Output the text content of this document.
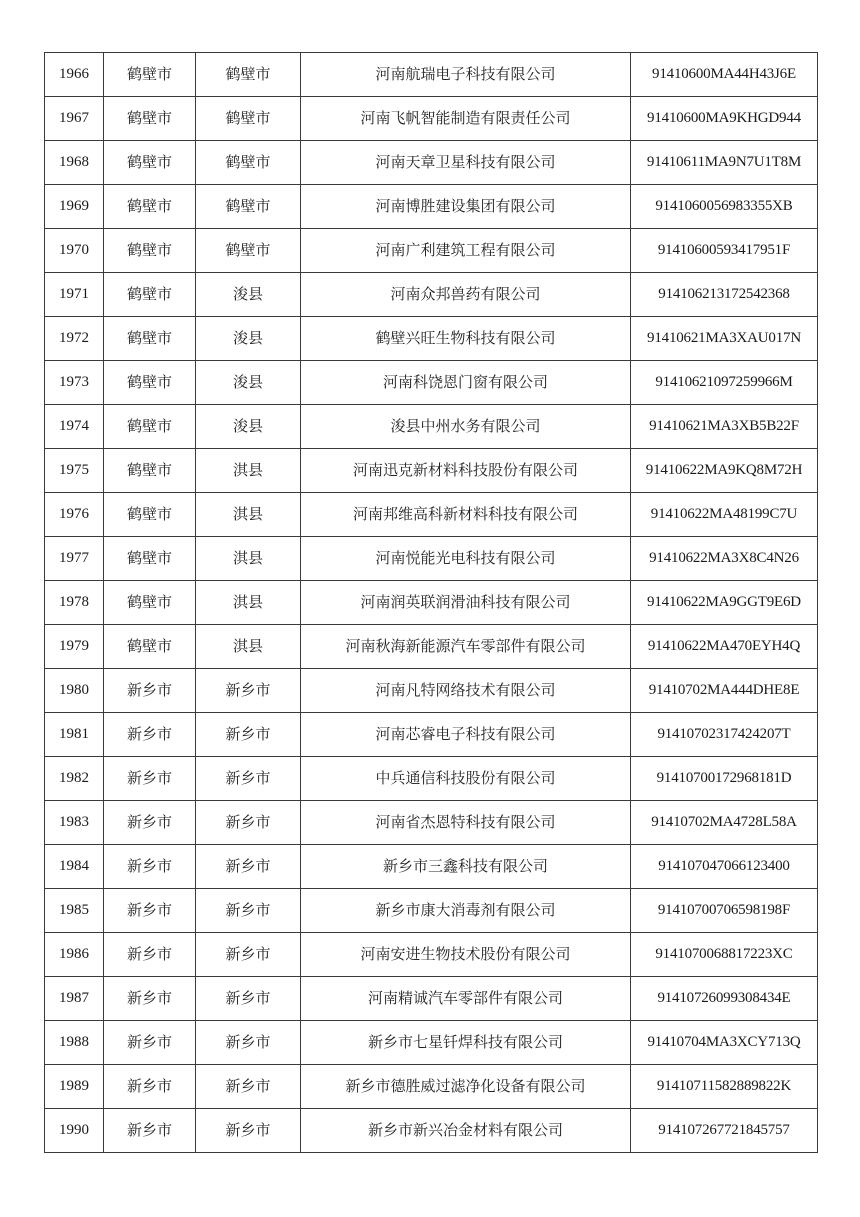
1966	鹤壁市	鹤壁市	河南航瑞电子科技有限公司	91410600MA44H43J6E
1967	鹤壁市	鹤壁市	河南飞帆智能制造有限责任公司	91410600MA9KHGD944
1968	鹤壁市	鹤壁市	河南天章卫星科技有限公司	91410611MA9N7U1T8M
1969	鹤壁市	鹤壁市	河南博胜建设集团有限公司	9141060056983355XB
1970	鹤壁市	鹤壁市	河南广利建筑工程有限公司	91410600593417951F
1971	鹤壁市	浚县	河南众邦兽药有限公司	914106213172542368
1972	鹤壁市	浚县	鹤壁兴旺生物科技有限公司	91410621MA3XAU017N
1973	鹤壁市	浚县	河南科饶恩门窗有限公司	91410621097259966M
1974	鹤壁市	浚县	浚县中州水务有限公司	91410621MA3XB5B22F
1975	鹤壁市	淇县	河南迅克新材料科技股份有限公司	91410622MA9KQ8M72H
1976	鹤壁市	淇县	河南邦维高科新材料科技有限公司	91410622MA48199C7U
1977	鹤壁市	淇县	河南悦能光电科技有限公司	91410622MA3X8C4N26
1978	鹤壁市	淇县	河南润英联润滑油科技有限公司	91410622MA9GGT9E6D
1979	鹤壁市	淇县	河南秋海新能源汽车零部件有限公司	91410622MA470EYH4Q
1980	新乡市	新乡市	河南凡特网络技术有限公司	91410702MA444DHE8E
1981	新乡市	新乡市	河南芯睿电子科技有限公司	91410702317424207T
1982	新乡市	新乡市	中兵通信科技股份有限公司	91410700172968181D
1983	新乡市	新乡市	河南省杰恩特科技有限公司	91410702MA4728L58A
1984	新乡市	新乡市	新乡市三鑫科技有限公司	914107047066123400
1985	新乡市	新乡市	新乡市康大消毒剂有限公司	91410700706598198F
1986	新乡市	新乡市	河南安进生物技术股份有限公司	9141070068817223XC
1987	新乡市	新乡市	河南精诚汽车零部件有限公司	91410726099308434E
1988	新乡市	新乡市	新乡市七星钎焊科技有限公司	91410704MA3XCY713Q
1989	新乡市	新乡市	新乡市德胜威过滤净化设备有限公司	91410711582889822K
1990	新乡市	新乡市	新乡市新兴冶金材料有限公司	914107267721845757
